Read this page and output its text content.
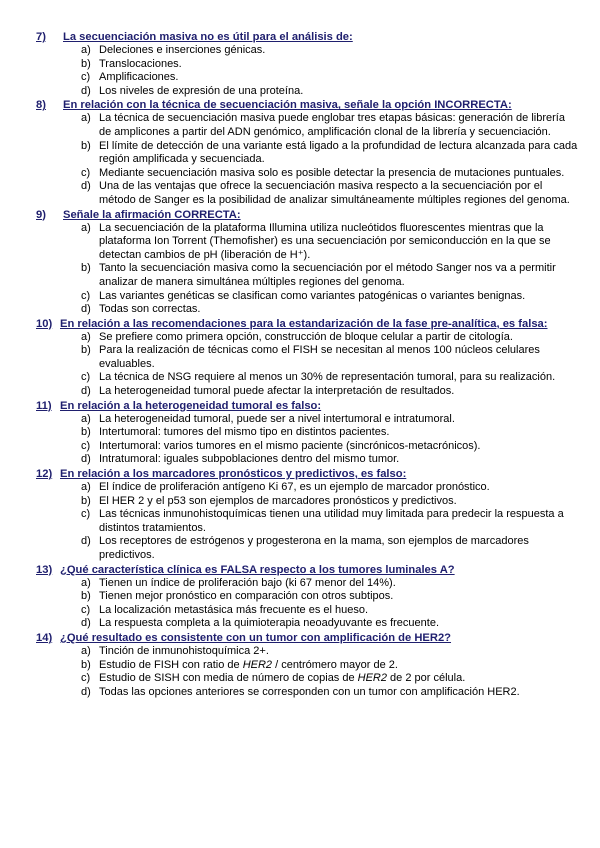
7)	La secuenciación masiva no es útil para el análisis de:
a) Deleciones e inserciones génicas.
b) Translocaciones.
c) Amplificaciones.
d) Los niveles de expresión de una proteína.
8)	En relación con la técnica de secuenciación masiva, señale la opción INCORRECTA:
a) La técnica de secuenciación masiva puede englobar tres etapas básicas: generación de librería de amplicones a partir del ADN genómico, amplificación clonal de la librería y secuenciación.
b) El límite de detección de una variante está ligado a la profundidad de lectura alcanzada para cada región amplificada y secuenciada.
c) Mediante secuenciación masiva solo es posible detectar la presencia de mutaciones puntuales.
d) Una de las ventajas que ofrece la secuenciación masiva respecto a la secuenciación por el método de Sanger es la posibilidad de analizar simultáneamente múltiples regiones del genoma.
9)	Señale la afirmación CORRECTA:
a) La secuenciación de la plataforma Illumina utiliza nucleótidos fluorescentes mientras que la plataforma Ion Torrent (Themofisher) es una secuenciación por semiconducción en la que se detectan cambios de pH (liberación de H⁺).
b) Tanto la secuenciación masiva como la secuenciación por el método Sanger nos va a permitir analizar de manera simultánea múltiples regiones del genoma.
c) Las variantes genéticas se clasifican como variantes patogénicas o variantes benignas.
d) Todas son correctas.
10) En relación a las recomendaciones para la estandarización de la fase pre-analítica, es falsa:
a) Se prefiere como primera opción, construcción de bloque celular a partir de citología.
b) Para la realización de técnicas como el FISH se necesitan al menos 100 núcleos celulares evaluables.
c) La técnica de NSG requiere al menos un 30% de representación tumoral, para su realización.
d) La heterogeneidad tumoral puede afectar la interpretación de resultados.
11) En relación a la heterogeneidad tumoral es falso:
a) La heterogeneidad tumoral, puede ser a nivel intertumoral e intratumoral.
b) Intertumoral: tumores del mismo tipo en distintos pacientes.
c) Intertumoral: varios tumores en el mismo paciente (sincrónicos-metacrónicos).
d) Intratumoral: iguales subpoblaciones dentro del mismo tumor.
12) En relación a los marcadores pronósticos y predictivos, es falso:
a) El índice de proliferación antígeno Ki 67, es un ejemplo de marcador pronóstico.
b) El HER 2 y el p53 son ejemplos de marcadores pronósticos y predictivos.
c) Las técnicas inmunohistoquímicas tienen una utilidad muy limitada para predecir la respuesta a distintos tratamientos.
d) Los receptores de estrógenos y progesterona en la mama, son ejemplos de marcadores predictivos.
13) ¿Qué característica clínica es FALSA respecto a los tumores luminales A?
a) Tienen un índice de proliferación bajo (ki 67 menor del 14%).
b) Tienen mejor pronóstico en comparación con otros subtipos.
c) La localización metastásica más frecuente es el hueso.
d) La respuesta completa a la quimioterapia neoadyuvante es frecuente.
14) ¿Qué resultado es consistente con un tumor con amplificación de HER2?
a) Tinción de inmunohistoquímica 2+.
b) Estudio de FISH con ratio de HER2 / centrómero mayor de 2.
c) Estudio de SISH con media de número de copias de HER2 de 2 por célula.
d) Todas las opciones anteriores se corresponden con un tumor con amplificación HER2.
